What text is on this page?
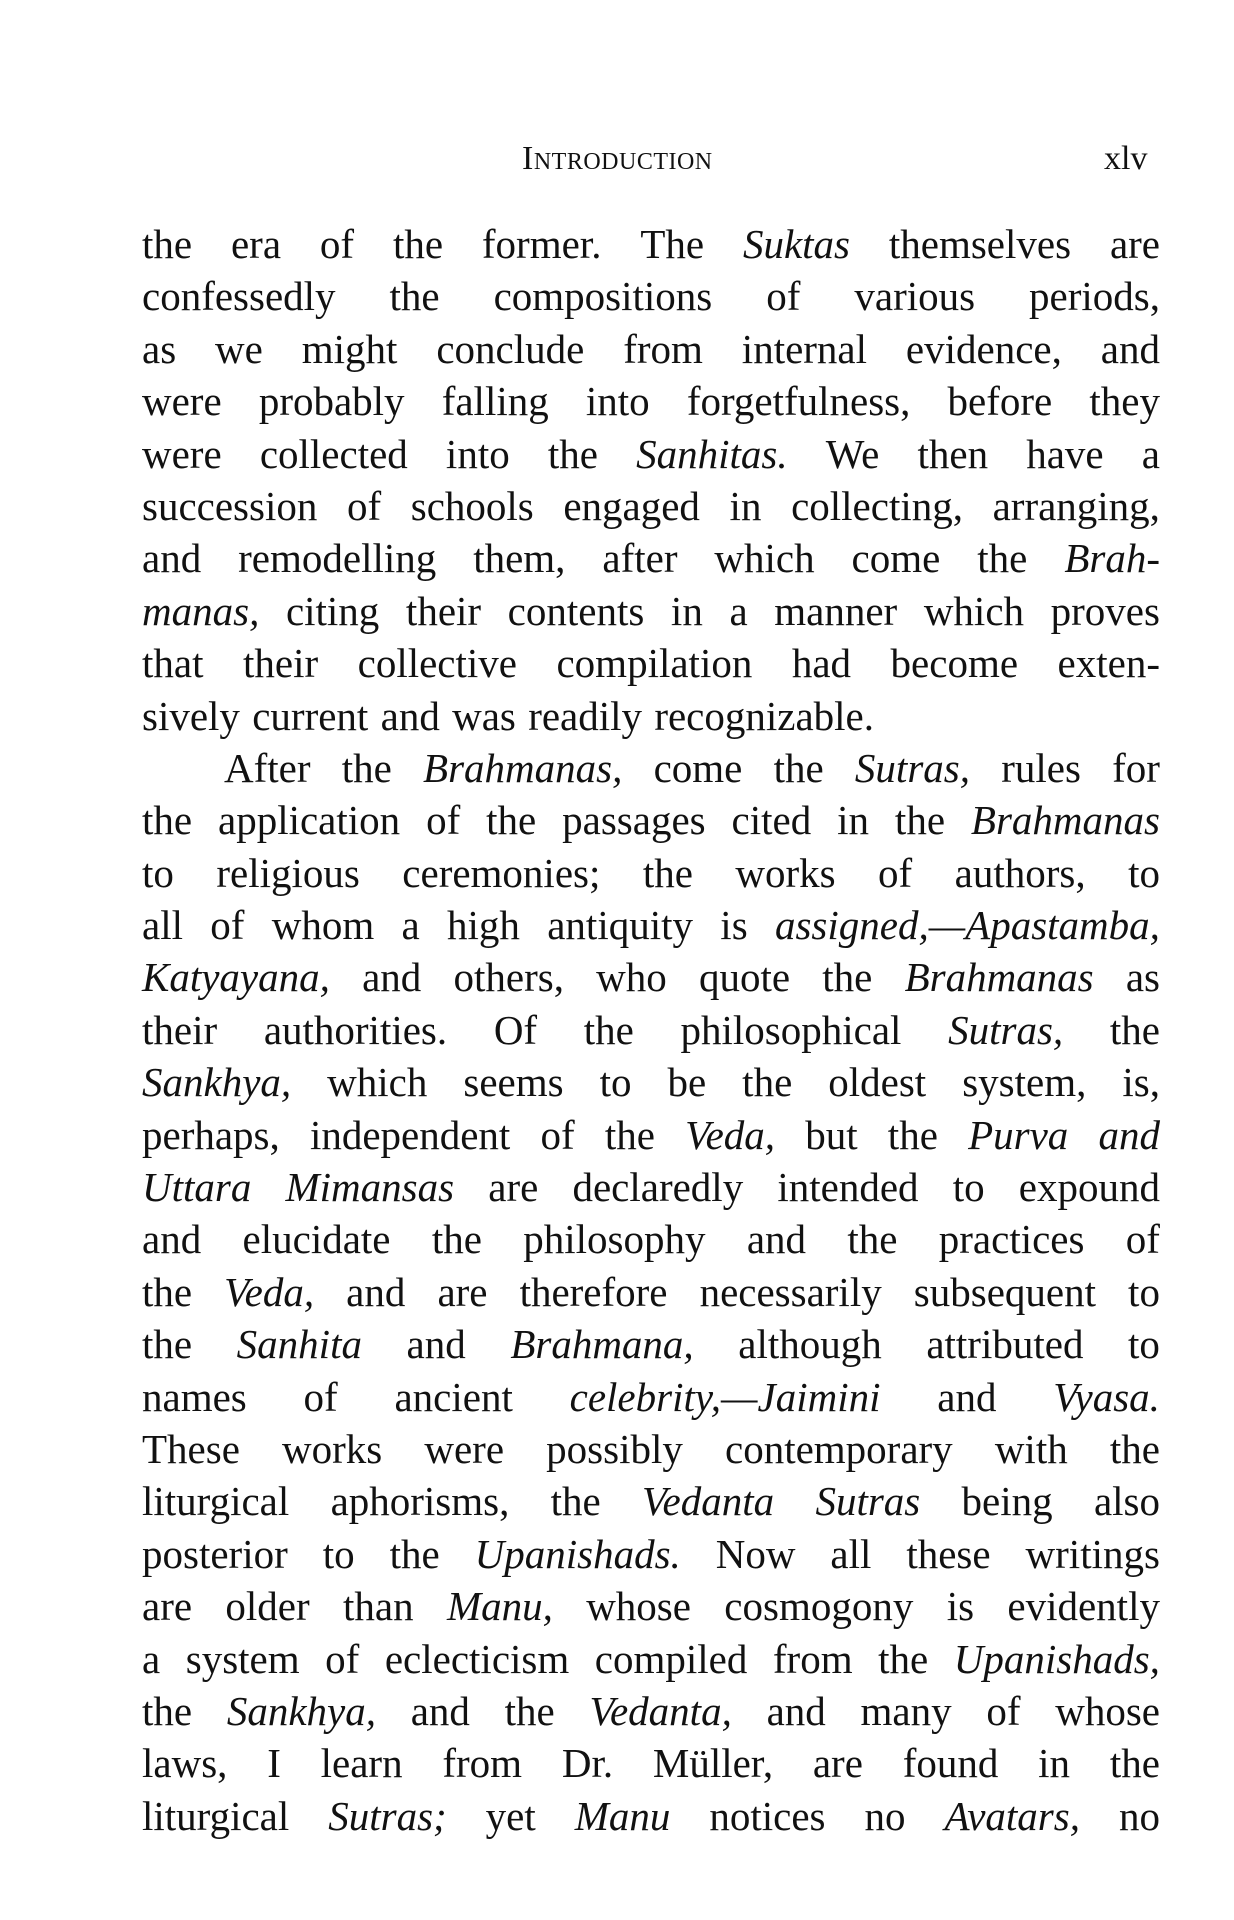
Introduction	xlv
the era of the former. The Suktas themselves are
confessedly the compositions of various periods,
as we might conclude from internal evidence, and
were probably falling into forgetfulness, before they
were collected into the Sanhitas. We then have a
succession of schools engaged in collecting, arranging,
and remodelling them, after which come the Brah-
manas, citing their contents in a manner which proves
that their collective compilation had become exten-
sively current and was readily recognizable.
After the Brahmanas, come the Sutras, rules for
the application of the passages cited in the Brahmanas
to religious ceremonies; the works of authors, to
all of whom a high antiquity is assigned,—Apastamba,
Katyayana, and others, who quote the Brahmanas as
their authorities. Of the philosophical Sutras, the
Sankhya, which seems to be the oldest system, is,
perhaps, independent of the Veda, but the Purva and
Uttara Mimansas are declaredly intended to expound
and elucidate the philosophy and the practices of
the Veda, and are therefore necessarily subsequent to
the Sanhita and Brahmana, although attributed to
names of ancient celebrity,—Jaimini and Vyasa.
These works were possibly contemporary with the
liturgical aphorisms, the Vedanta Sutras being also
posterior to the Upanishads. Now all these writings
are older than Manu, whose cosmogony is evidently
a system of eclecticism compiled from the Upanishads,
the Sankhya, and the Vedanta, and many of whose
laws, I learn from Dr. Müller, are found in the
liturgical Sutras; yet Manu notices no Avatars, no
